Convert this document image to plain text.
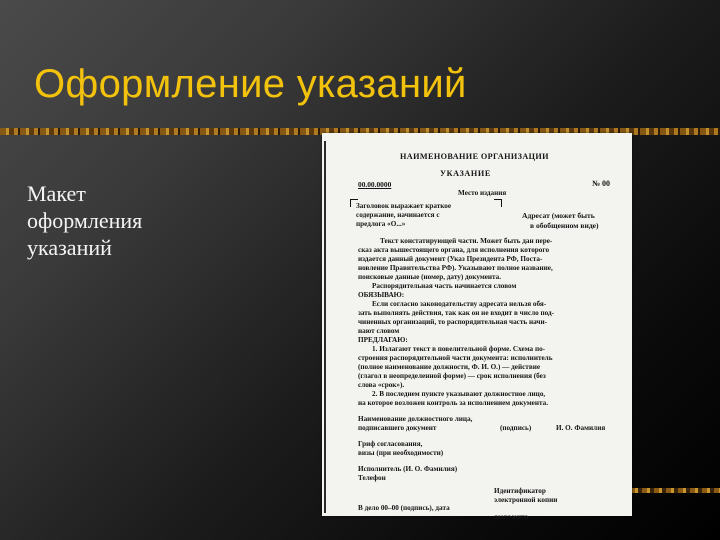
Оформление указаний
Макет
оформления
указаний
НАИМЕНОВАНИЕ ОРГАНИЗАЦИИ
УКАЗАНИЕ
00.00.0000
Место издания
№ 00
Заголовок выражает краткое
содержание, начинается с
предлога «О...»
Адресат (может быть
в обобщенном виде)
Текст констатирующей части. Может быть дан пере-
сказ акта вышестоящего органа, для исполнения которого
издается данный документ (Указ Президента РФ, Поста-
новление Правительства РФ). Указывают полное название,
поисковые данные (номер, дату) документа.
Распорядительная часть начинается словом
ОБЯЗЫВАЮ:
Если согласно законодательству адресата нельзя обя-
зать выполнять действия, так как он не входит в число под-
чиненных организаций, то распорядительная часть начи-
нают словом
ПРЕДЛАГАЮ:
1. Излагают текст в повелительной форме. Схема по-
строения распорядительной части документа: исполнитель
(полное наименование должности, Ф. И. О.) — действие
(глагол в неопределенной форме) — срок исполнения (без
слова «срок»).
2. В последнем пункте указывают должностное лицо,
на которое возложен контроль за исполнением документа.
Наименование должностного лица,
подписавшего документ	(подпись)	И. О. Фамилия
Гриф согласования,
визы (при необходимости)
Исполнитель (И. О. Фамилия)
Телефон
Идентификатор
электронной копии
В дело 00–00 (подпись), дата
документа
